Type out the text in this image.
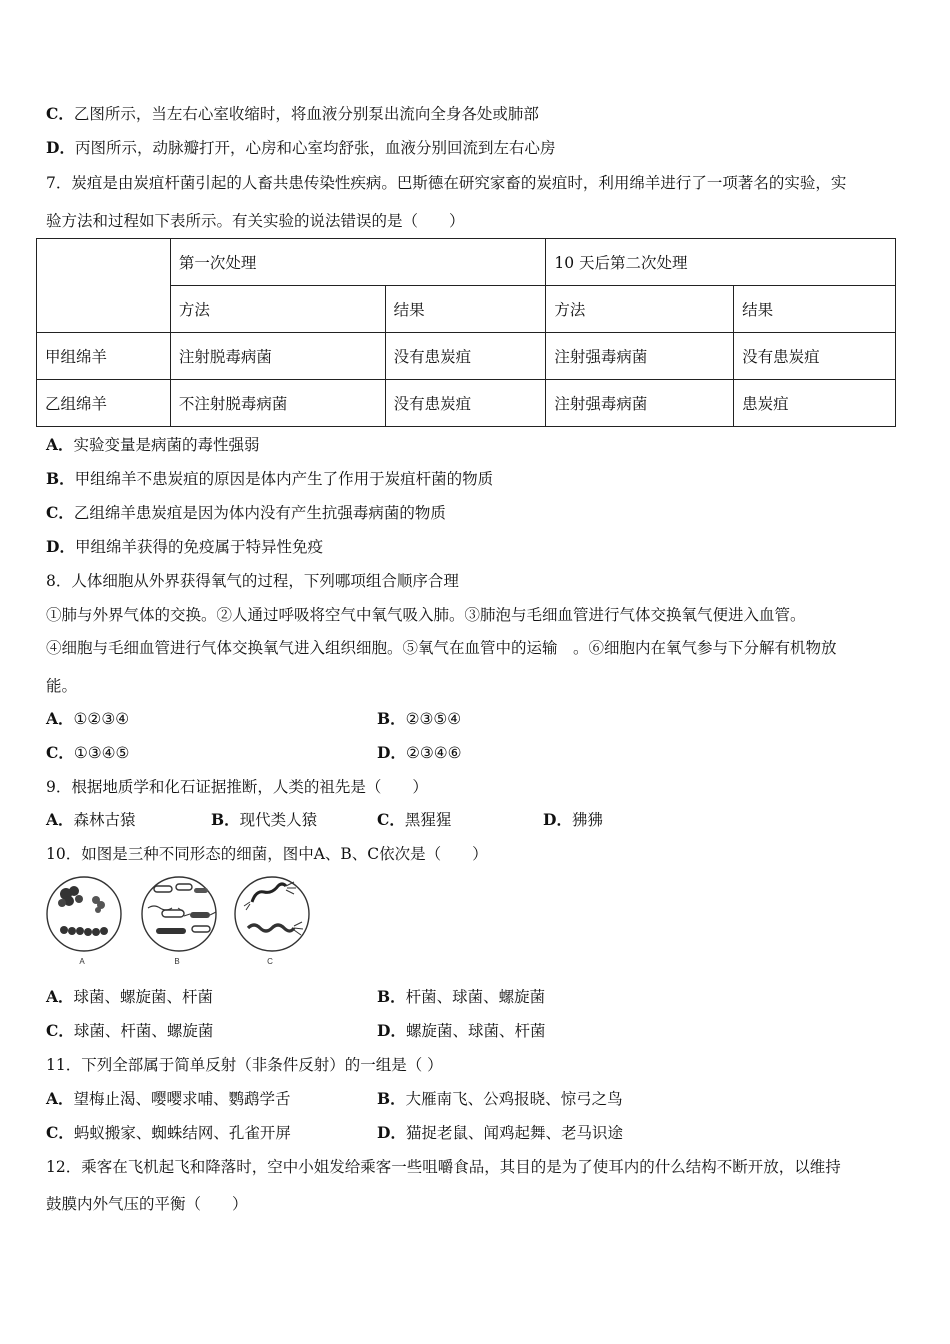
C．乙图所示，当左右心室收缩时，将血液分别泵出流向全身各处或肺部
D．丙图所示，动脉瓣打开，心房和心室均舒张，血液分别回流到左右心房
7．炭疽是由炭疽杆菌引起的人畜共患传染性疾病。巴斯德在研究家畜的炭疽时，利用绵羊进行了一项著名的实验，实
验方法和过程如下表所示。有关实验的说法错误的是（　　）
	第一次处理		10 天后第二次处理	
	方法	结果	方法	结果
甲组绵羊	注射脱毒病菌	没有患炭疽	注射强毒病菌	没有患炭疽
乙组绵羊	不注射脱毒病菌	没有患炭疽	注射强毒病菌	患炭疽
A．实验变量是病菌的毒性强弱
B．甲组绵羊不患炭疽的原因是体内产生了作用于炭疽杆菌的物质
C．乙组绵羊患炭疽是因为体内没有产生抗强毒病菌的物质
D．甲组绵羊获得的免疫属于特异性免疫
8．人体细胞从外界获得氧气的过程，下列哪项组合顺序合理
①肺与外界气体的交换。②人通过呼吸将空气中氧气吸入肺。③肺泡与毛细血管进行气体交换氧气便进入血管。
④细胞与毛细血管进行气体交换氧气进入组织细胞。⑤氧气在血管中的运输　。⑥细胞内在氧气参与下分解有机物放
能。
A．①②③④	B．②③⑤④
C．①③④⑤	D．②③④⑥
9．根据地质学和化石证据推断，人类的祖先是（　　）
A．森林古猿	B．现代类人猿	C．黑猩猩	D．狒狒
10．如图是三种不同形态的细菌，图中A、B、C依次是（　　）
A	B	C
A．球菌、螺旋菌、杆菌	B．杆菌、球菌、螺旋菌
C．球菌、杆菌、螺旋菌	D．螺旋菌、球菌、杆菌
11．下列全部属于简单反射（非条件反射）的一组是（ ）
A．望梅止渴、嘤嘤求哺、鹦鹉学舌	B．大雁南飞、公鸡报晓、惊弓之鸟
C．蚂蚁搬家、蜘蛛结网、孔雀开屏	D．猫捉老鼠、闻鸡起舞、老马识途
12．乘客在飞机起飞和降落时，空中小姐发给乘客一些咀嚼食品，其目的是为了使耳内的什么结构不断开放，以维持
鼓膜内外气压的平衡（　　）
